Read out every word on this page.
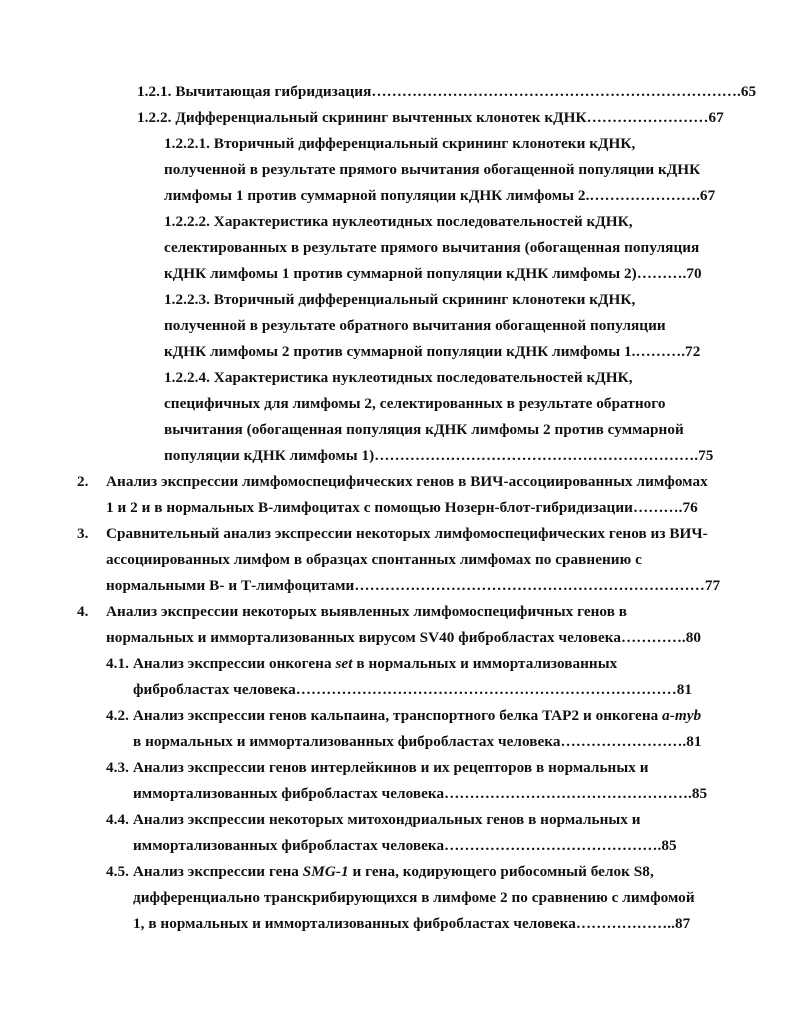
1.2.1. Вычитающая гибридизация……………………………………………………………….65
1.2.2. Дифференциальный скрининг вычтенных клонотек кДНК……………………67
1.2.2.1. Вторичный дифференциальный скрининг клонотеки кДНК,
полученной в результате прямого вычитания обогащенной популяции кДНК
лимфомы 1 против суммарной популяции кДНК лимфомы 2.………………….67
1.2.2.2. Характеристика нуклеотидных последовательностей кДНК,
селектированных в результате прямого вычитания (обогащенная популяция
кДНК лимфомы 1 против суммарной популяции кДНК лимфомы 2)……….70
1.2.2.3. Вторичный дифференциальный скрининг клонотеки кДНК,
полученной в результате обратного вычитания обогащенной популяции
кДНК лимфомы 2 против суммарной популяции кДНК лимфомы 1.……….72
1.2.2.4. Характеристика нуклеотидных последовательностей кДНК,
специфичных для лимфомы 2, селектированных в результате обратного
вычитания (обогащенная популяция кДНК лимфомы 2 против суммарной
популяции кДНК лимфомы 1)……………………………………………………….75
2. Анализ экспрессии лимфомоспецифических генов в ВИЧ-ассоциированных лимфомах
1 и 2 и в нормальных В-лимфоцитах с помощью Нозерн-блот-гибридизации……….76
3. Сравнительный анализ экспрессии некоторых лимфомоспецифических генов из ВИЧ-
ассоциированных лимфом в образцах спонтанных лимфомах по сравнению с
нормальными В- и Т-лимфоцитами……………………………………………………………77
4. Анализ экспрессии некоторых выявленных лимфомоспецифичных генов в
нормальных и иммортализованных вирусом SV40 фибробластах человека………….80
4.1. Анализ экспрессии онкогена set в нормальных и иммортализованных
фибробластах человека…………………………………………………………………81
4.2. Анализ экспрессии генов кальпаина, транспортного белка TAP2 и онкогена a-myb
в нормальных и иммортализованных фибробластах человека…………………….81
4.3. Анализ экспрессии генов интерлейкинов и их рецепторов в нормальных и
иммортализованных фибробластах человека………………………………………….85
4.4. Анализ экспрессии некоторых митохондриальных генов в нормальных и
иммортализованных фибробластах человека…………………………………….85
4.5. Анализ экспрессии гена SMG-1 и гена, кодирующего рибосомный белок S8,
дифференциально транскрибирующихся в лимфоме 2 по сравнению с лимфомой
1, в нормальных и иммортализованных фибробластах человека………………..87
